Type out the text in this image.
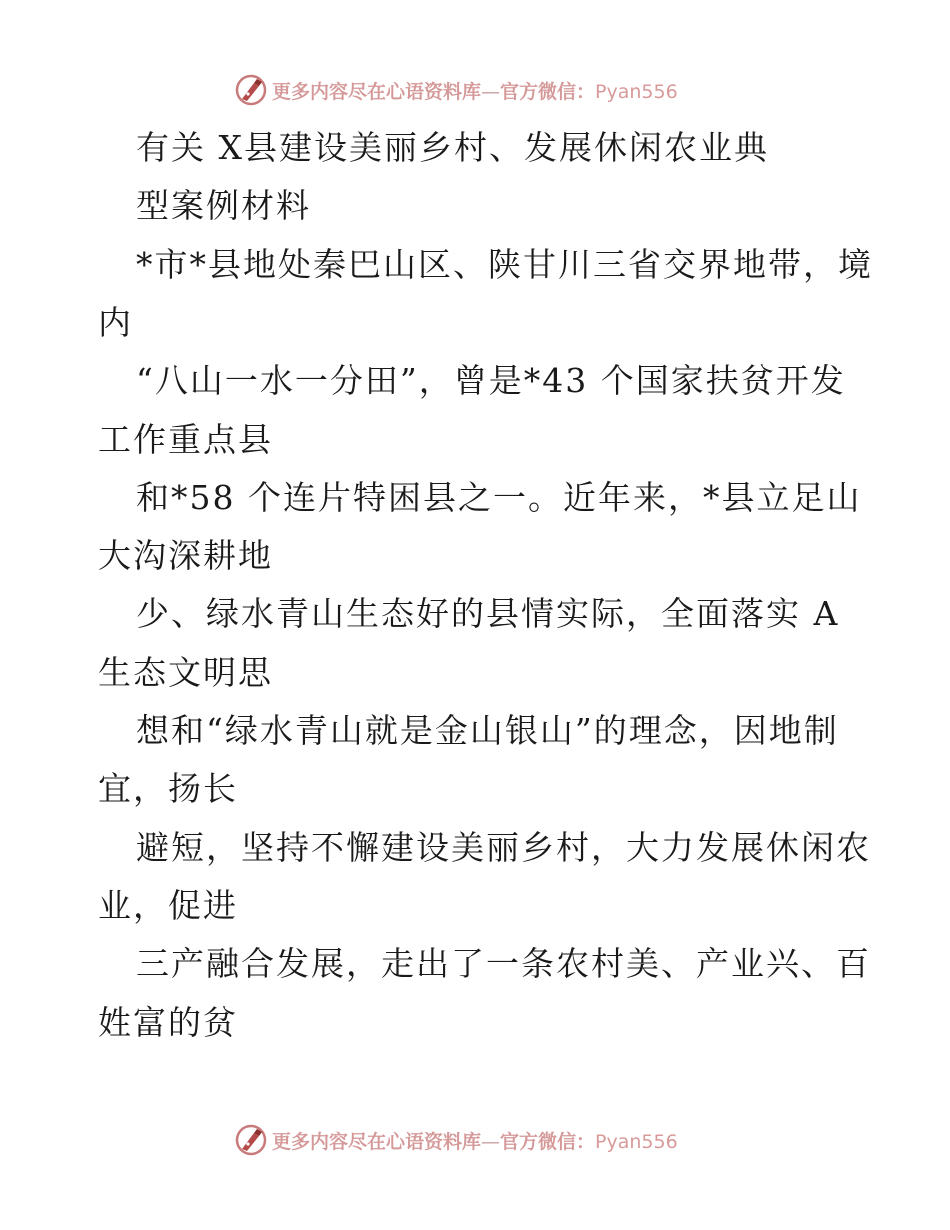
更多内容尽在心语资料库—官方微信：Pyan556
有关 X县建设美丽乡村、发展休闲农业典
型案例材料
*市*县地处秦巴山区、陕甘川三省交界地带，境
内
“八山一水一分田”，曾是*43 个国家扶贫开发
工作重点县
和*58 个连片特困县之一。近年来，*县立足山
大沟深耕地
少、绿水青山生态好的县情实际，全面落实 A
生态文明思
想和“绿水青山就是金山银山”的理念，因地制
宜，扬长
避短，坚持不懈建设美丽乡村，大力发展休闲农
业，促进
三产融合发展，走出了一条农村美、产业兴、百
姓富的贫
更多内容尽在心语资料库—官方微信：Pyan556
